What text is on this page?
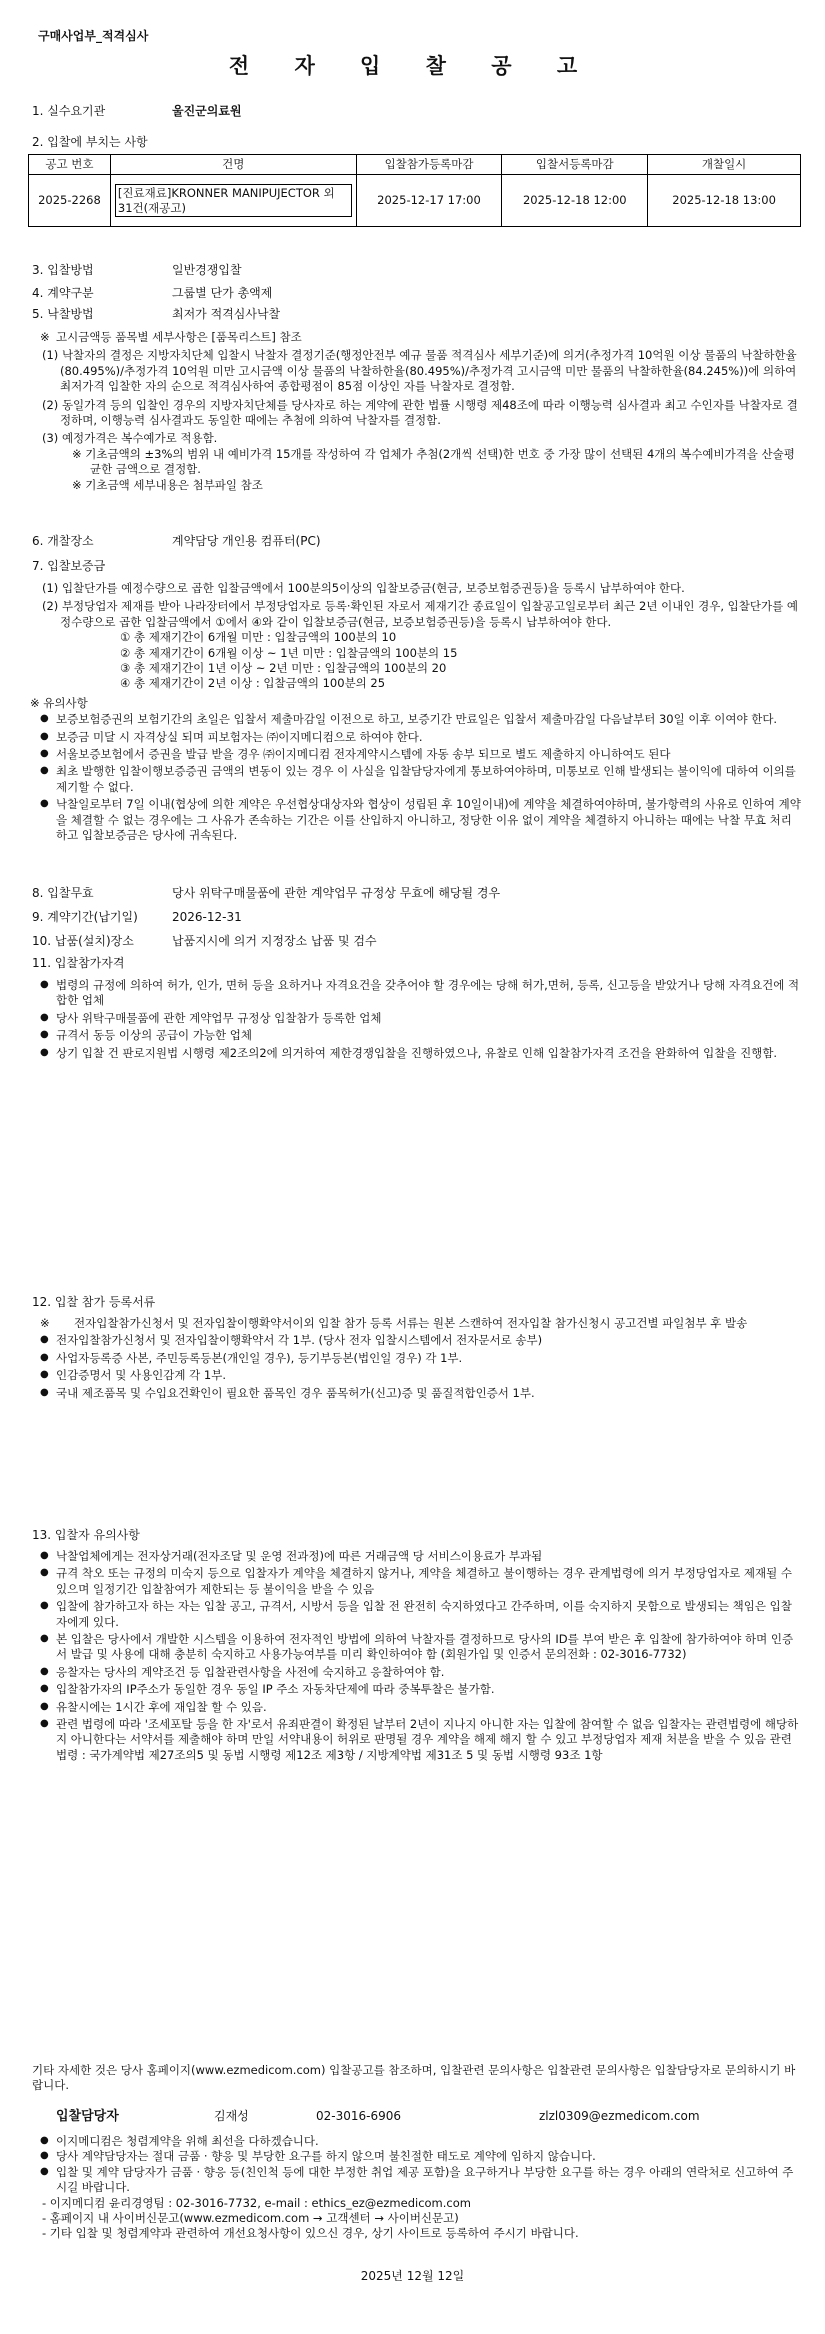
구매사업부_적격심사
전 자 입 찰 공 고
1. 실수요기관	울진군의료원
2. 입찰에 부치는 사항
공고 번호	건명	입찰참가등록마감	입찰서등록마감	개찰일시
2025-2268	[진료재료]KRONNER MANIPUJECTOR 외 31건(재공고)	2025-12-17 17:00	2025-12-18 12:00	2025-12-18 13:00
3. 입찰방법	일반경쟁입찰
4. 계약구분	그룹별 단가 총액제
5. 낙찰방법	최저가 적격심사낙찰

※ 고시금액등 품목별 세부사항은 [품목리스트] 참조

(1) 낙찰자의 결정은 지방자치단체 입찰시 낙찰자 결정기준(행정안전부 예규 물품 적격심사 세부기준)에 의거(추정가격 10억원 이상 물품의 낙찰하한율(80.495%)/추정가격 10억원 미만 고시금액 이상 물품의 낙찰하한율(80.495%)/추정가격 고시금액 미만 물품의 낙찰하한율(84.245%))에 의하여 최저가격 입찰한 자의 순으로 적격심사하여 종합평점이 85점 이상인 자를 낙찰자로 결정함.

(2) 동일가격 등의 입찰인 경우의 지방자치단체를 당사자로 하는 계약에 관한 법률 시행령 제48조에 따라 이행능력 심사결과 최고 수인자를 낙찰자로 결정하며, 이행능력 심사결과도 동일한 때에는 추첨에 의하여 낙찰자를 결정함.

(3) 예정가격은 복수예가로 적용함.

※ 기초금액의 ±3%의 범위 내 예비가격 15개를 작성하여 각 업체가 추첨(2개씩 선택)한 번호 중 가장 많이 선택된 4개의 복수예비가격을 산술평균한 금액으로 결정함.

※ 기초금액 세부내용은 첨부파일 참조

6. 개찰장소	계약담당 개인용 컴퓨터(PC)
7. 입찰보증금

(1) 입찰단가를 예정수량으로 곱한 입찰금액에서 100분의5이상의 입찰보증금(현금, 보증보험증권등)을 등록시 납부하여야 한다.

(2) 부정당업자 제재를 받아 나라장터에서 부정당업자로 등록·확인된 자로서 제재기간 종료일이 입찰공고일로부터 최근 2년 이내인 경우, 입찰단가를 예정수량으로 곱한 입찰금액에서 ①에서 ④와 같이 입찰보증금(현금, 보증보험증권등)을 등록시 납부하여야 한다.

① 총 제재기간이 6개월 미만 : 입찰금액의 100분의 10

② 총 제재기간이 6개월 이상 ~ 1년 미만 : 입찰금액의 100분의 15

③ 총 제재기간이 1년 이상 ~ 2년 미만 : 입찰금액의 100분의 20

④ 총 제재기간이 2년 이상 : 입찰금액의 100분의 25

※ 유의사항

● 보증보험증권의 보험기간의 초일은 입찰서 제출마감일 이전으로 하고, 보증기간 만료일은 입찰서 제출마감일 다음날부터 30일 이후 이여야 한다.
● 보증금 미달 시 자격상실 되며 피보험자는 ㈜이지메디컴으로 하여야 한다.
● 서울보증보험에서 증권을 발급 받을 경우 ㈜이지메디컴 전자계약시스템에 자동 송부 되므로 별도 제출하지 아니하여도 된다
● 최초 발행한 입찰이행보증증권 금액의 변동이 있는 경우 이 사실을 입찰담당자에게 통보하여야하며, 미통보로 인해 발생되는 불이익에 대하여 이의를 제기할 수 없다.
● 낙찰일로부터 7일 이내(협상에 의한 계약은 우선협상대상자와 협상이 성립된 후 10일이내)에 계약을 체결하여야하며, 불가항력의 사유로 인하여 계약을 체결할 수 없는 경우에는 그 사유가 존속하는 기간은 이를 산입하지 아니하고, 정당한 이유 없이 계약을 체결하지 아니하는 때에는 낙찰 무효 처리하고 입찰보증금은 당사에 귀속된다.
8. 입찰무효	당사 위탁구매물품에 관한 계약업무 규정상 무효에 해당될 경우
9. 계약기간(납기일)	2026-12-31
10. 납품(설치)장소	납품지시에 의거 지정장소 납품 및 검수
11. 입찰참가자격
● 법령의 규정에 의하여 허가, 인가, 면허 등을 요하거나 자격요건을 갖추어야 할 경우에는 당해 허가,면허, 등록, 신고등을 받았거나 당해 자격요건에 적합한 업체
● 당사 위탁구매물품에 관한 계약업무 규정상 입찰참가 등록한 업체
● 규격서 동등 이상의 공급이 가능한 업체
● 상기 입찰 건 판로지원법 시행령 제2조의2에 의거하여 제한경쟁입찰을 진행하였으나, 유찰로 인해 입찰참가자격 조건을 완화하여 입찰을 진행함.
12. 입찰 참가 등록서류

※ 전자입찰참가신청서 및 전자입찰이행확약서이외 입찰 참가 등록 서류는 원본 스캔하여 전자입찰 참가신청시 공고건별 파일첨부 후 발송

● 전자입찰참가신청서 및 전자입찰이행확약서 각 1부. (당사 전자 입찰시스템에서 전자문서로 송부)
● 사업자등록증 사본, 주민등록등본(개인일 경우), 등기부등본(법인일 경우) 각 1부.
● 인감증명서 및 사용인감계 각 1부.
● 국내 제조품목 및 수입요건확인이 필요한 품목인 경우 품목허가(신고)증 및 품질적합인증서 1부.
13. 입찰자 유의사항
● 낙찰업체에게는 전자상거래(전자조달 및 운영 전과정)에 따른 거래금액 당 서비스이용료가 부과됨
● 규격 착오 또는 규정의 미숙지 등으로 입찰자가 계약을 체결하지 않거나, 계약을 체결하고 불이행하는 경우 관계법령에 의거 부정당업자로 제재될 수 있으며 일정기간 입찰참여가 제한되는 등 불이익을 받을 수 있음
● 입찰에 참가하고자 하는 자는 입찰 공고, 규격서, 시방서 등을 입찰 전 완전히 숙지하였다고 간주하며, 이를 숙지하지 못함으로 발생되는 책임은 입찰자에게 있다.
● 본 입찰은 당사에서 개발한 시스템을 이용하여 전자적인 방법에 의하여 낙찰자를 결정하므로 당사의 ID를 부여 받은 후 입찰에 참가하여야 하며 인증서 발급 및 사용에 대해 충분히 숙지하고 사용가능여부를 미리 확인하여야 함 (회원가입 및 인증서 문의전화 : 02-3016-7732)
● 응찰자는 당사의 계약조건 등 입찰관련사항을 사전에 숙지하고 응찰하여야 함.
● 입찰참가자의 IP주소가 동일한 경우 동일 IP 주소 자동차단제에 따라 중복투찰은 불가함.
● 유찰시에는 1시간 후에 재입찰 할 수 있음.
● 관련 법령에 따라 '조세포탈 등을 한 자'로서 유죄판결이 확정된 날부터 2년이 지나지 아니한 자는 입찰에 참여할 수 없음 입찰자는 관련법령에 해당하지 아니한다는 서약서를 제출해야 하며 만일 서약내용이 허위로 판명될 경우 계약을 해제 해지 할 수 있고 부정당업자 제재 처분을 받을 수 있음 관련법령 : 국가계약법 제27조의5 및 동법 시행령 제12조 제3항 / 지방계약법 제31조 5 및 동법 시행령 93조 1항
기타 자세한 것은 당사 홈페이지(www.ezmedicom.com) 입찰공고를 참조하며, 입찰관련 문의사항은 입찰관련 문의사항은 입찰담당자로 문의하시기 바랍니다.
입찰담당자	김재성	02-3016-6906	zlzl0309@ezmedicom.com
● 이지메디컴은 청렴계약을 위해 최선을 다하겠습니다.
● 당사 계약담당자는 절대 금품 · 향응 및 부당한 요구를 하지 않으며 불친절한 태도로 계약에 임하지 않습니다.
● 입찰 및 계약 담당자가 금품 · 향응 등(친인척 등에 대한 부정한 취업 제공 포함)을 요구하거나 부당한 요구를 하는 경우 아래의 연락처로 신고하여 주시길 바랍니다.

- 이지메디컴 윤리경영팀 : 02-3016-7732, e-mail : ethics_ez@ezmedicom.com

- 홈페이지 내 사이버신문고(www.ezmedicom.com → 고객센터 → 사이버신문고)

- 기타 입찰 및 청렴계약과 관련하여 개선요청사항이 있으신 경우, 상기 사이트로 등록하여 주시기 바랍니다.

2025년 12월 12일
